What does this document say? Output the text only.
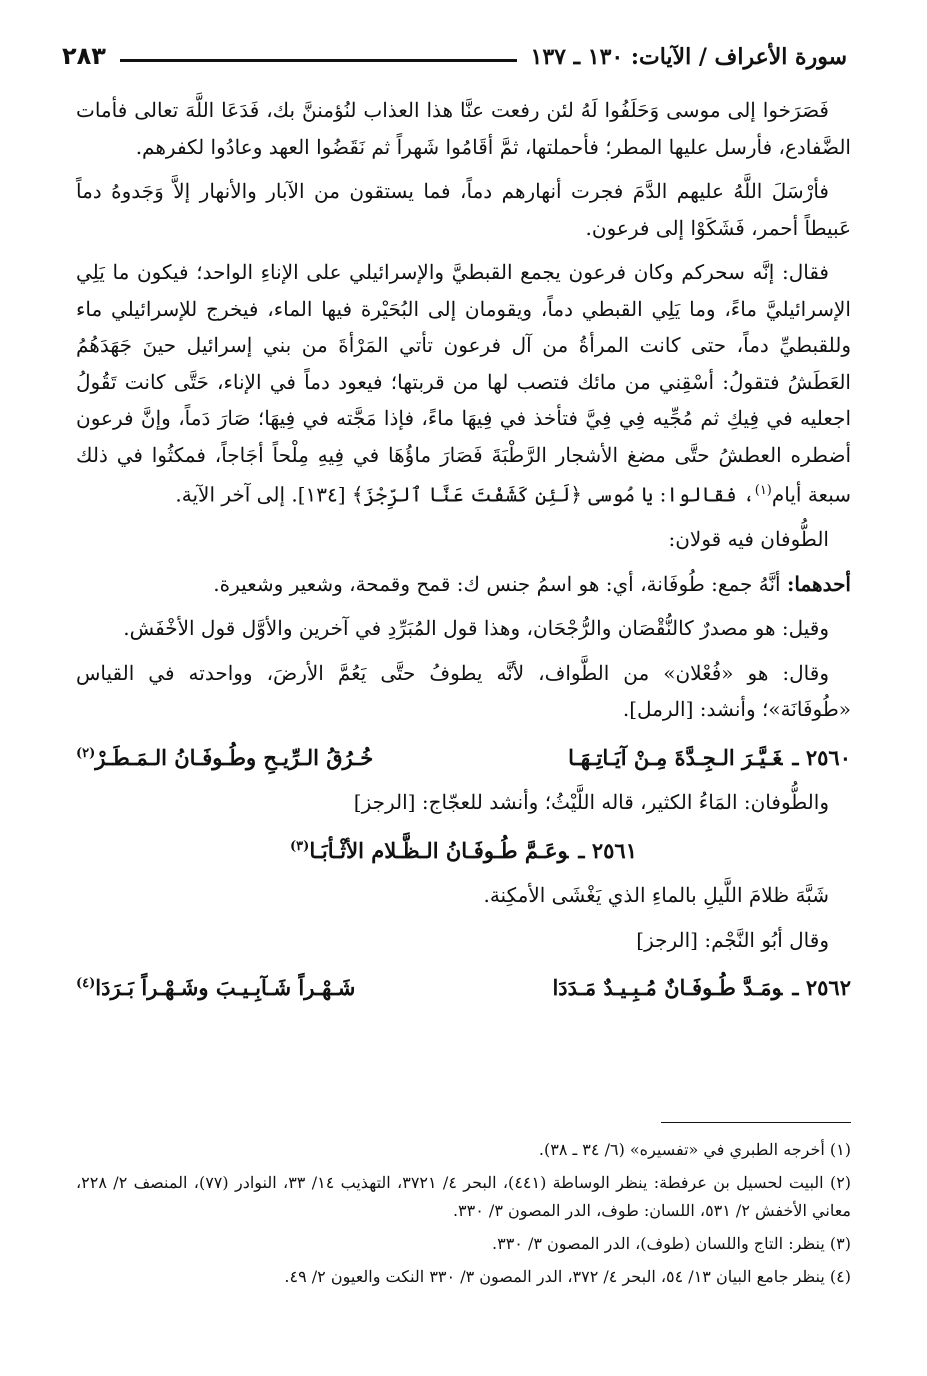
سورة الأعراف / الآيات: ١٣٠ ـ ١٣٧
٢٨٣

فَصَرَخوا إلى موسى وَحَلَفُوا لَهُ لئن رفعت عنَّا هذا العذاب لنُؤمننَّ بك، فَدَعَا اللَّهَ تعالى فأمات الضَّفادع، فأرسل عليها المطر؛ فأحملتها، ثمَّ أقَامُوا شَهراً ثم نَقَضُوا العهد وعادُوا لكفرهم.

فأرْسَلَ اللَّهُ عليهم الدَّمَ فجرت أنهارهم دماً، فما يستقون من الآبار والأنهار إلاَّ وَجَدوهُ دماً عَبيطاً أحمر، فَشَكَوْا إلى فرعون.

فقال: إنَّه سحركم وكان فرعون يجمع القبطيَّ والإسرائيلي على الإناءِ الواحد؛ فيكون ما يَلِي الإسرائيليَّ ماءً، وما يَلِي القبطي دماً، ويقومان إلى البُحَيْرة فيها الماء، فيخرج للإسرائيلي ماء وللقبطيِّ دماً، حتى كانت المرأةُ من آل فرعون تأتي المَرْأةَ من بني إسرائيل حينَ جَهَدَهُمُ العَطَشُ فتقولُ: أسْقِني من مائك فتصب لها من قربتها؛ فيعود دماً في الإناء، حَتَّى كانت تَقُولُ اجعليه في فِيكِ ثم مُجِّيه فِي فِيَّ فتأخذ في فِيهَا ماءً، فإذا مَجَّته في فِيهَا؛ صَارَ دَماً، وإنَّ فرعون أضطره العطشُ حتَّى مضغ الأشجار الرَّطْبَةَ فَصَارَ ماؤُهَا في فِيهِ مِلْحاً أجَاجاً، فمكثُوا في ذلك سبعة أيام$^{(١)}$، فقالوا: يا مُوسى ﴿لَئِن كَشَفْتَ عَنَّا ٱلرِّجْزَ﴾ [١٣٤]. إلى آخر الآية.

الطُّوفان فيه قولان:

أحدهما: أنَّهُ جمع: طُوفَانة، أي: هو اسمُ جنس ك: قمح وقمحة، وشعير وشعيرة.

وقيل: هو مصدرٌ كالنُّقْصَان والرُّجْحَان، وهذا قول المُبَرِّدِ في آخرين والأوَّل قول الأخْفَش.

وقال: هو «فُعْلان» من الطَّواف، لأنَّه يطوفُ حتَّى يَعُمَّ الأرضَ، وواحدته في القياس «طُوفَانَة»؛ وأنشد: [الرمل].

٢٥٦٠ ـغَـيَّـرَ الـجِـدَّةَ مِـنْ آيَـاتِـهَـا
خُـرُقُ الـرِّيـحِ وطُـوفَـانُ الـمَـطَـرْ$^{(٢)}$

والطُّوفان: المَاءُ الكثير، قاله اللَّيْثُ؛ وأنشد للعجّاج: [الرجز]

٢٥٦١ ـوعَـمَّ طُـوفَـانُ الـظَّـلام الأثْـأبَـا$^{(٣)}$

شَبَّهَ ظلامَ اللَّيلِ بالماءِ الذي يَغْشَى الأمكِنة.

وقال أبُو النَّجْم: [الرجز]

٢٥٦٢ ـومَـدَّ طُـوفَـانٌ مُـبِـيـدٌ مَـدَدَا
شَـهْـراً شَـآبِـيـبَ وشَـهْـراً بَـرَدَا$^{(٤)}$

(١) أخرجه الطبري في «تفسيره» (٦/ ٣٤ ـ ٣٨).

(٢) البيت لحسيل بن عرفطة: ينظر الوساطة (٤٤١)، البحر ٤/ ٣٧٢١، التهذيب ١٤/ ٣٣، النوادر (٧٧)، المنصف ٢/ ٢٢٨، معاني الأخفش ٢/ ٥٣١، اللسان: طوف، الدر المصون ٣/ ٣٣٠.

(٣) ينظر: التاج واللسان (طوف)، الدر المصون ٣/ ٣٣٠.

(٤) ينظر جامع البيان ١٣/ ٥٤، البحر ٤/ ٣٧٢، الدر المصون ٣/ ٣٣٠ النكت والعيون ٢/ ٤٩.
